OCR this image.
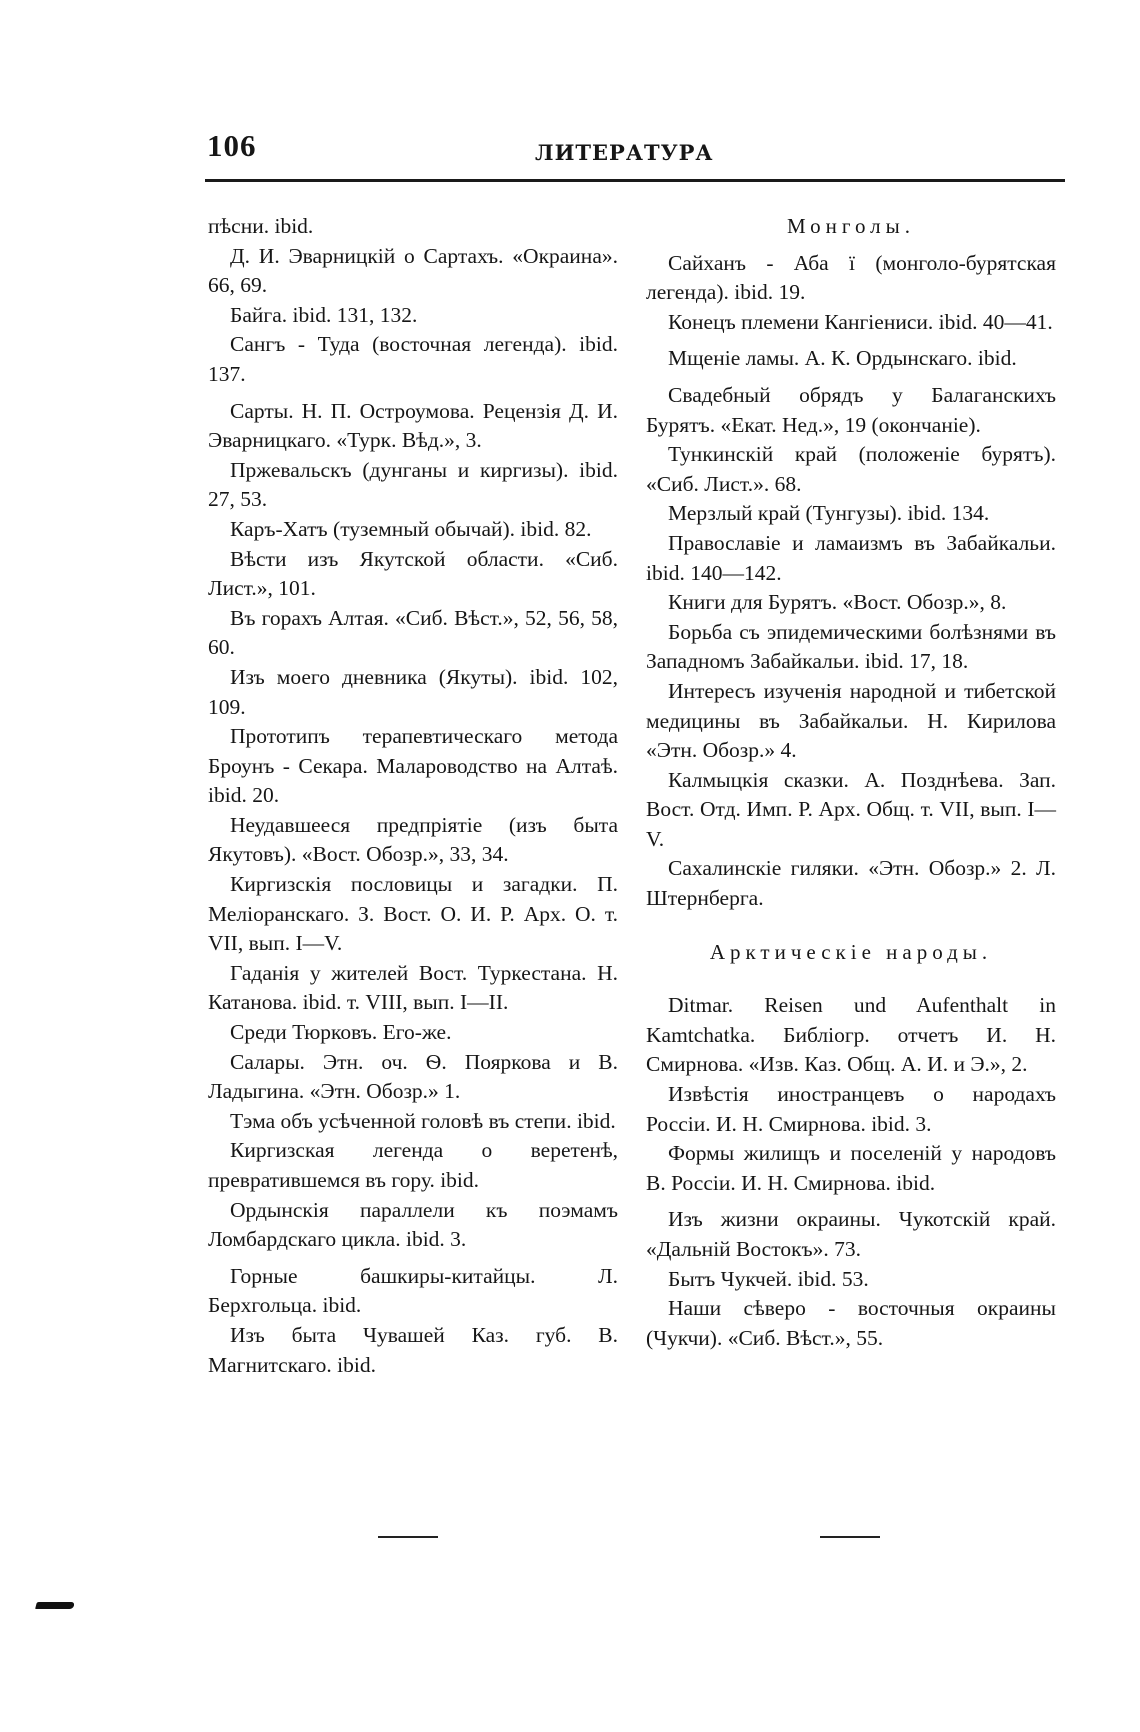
106	ЛИТЕРАТУРА

пѣсни. ibid.

Д. И. Эварницкій о Сартахъ. «Окраина». 66, 69.

Байга. ibid. 131, 132.

Сангъ - Туда (восточная легенда). ibid. 137.

Сарты. Н. П. Остроумова. Рецензія Д. И. Эварницкаго. «Турк. Вѣд.», 3.

Пржевальскъ (дунганы и киргизы). ibid. 27, 53.

Каръ-Хатъ (туземный обычай). ibid. 82.

Вѣсти изъ Якутской области. «Сиб. Лист.», 101.

Въ горахъ Алтая. «Сиб. Вѣст.», 52, 56, 58, 60.

Изъ моего дневника (Якуты). ibid. 102, 109.

Прототипъ терапевтическаго метода Броунъ - Секара. Малароводство на Алтаѣ. ibid. 20.

Неудавшееся предпріятіе (изъ быта Якутовъ). «Вост. Обозр.», 33, 34.

Киргизскія пословицы и загадки. П. Меліоранскаго. З. Вост. О. И. Р. Арх. О. т. VII, вып. I—V.

Гаданія у жителей Вост. Туркестана. Н. Катанова. ibid. т. VIII, вып. I—II.

Среди Тюрковъ. Его-же.

Салары. Этн. оч. Ѳ. Пояркова и В. Ладыгина. «Этн. Обозр.» 1.

Тэма объ усѣченной головѣ въ степи. ibid.

Киргизская легенда о веретенѣ, превратившемся въ гору. ibid.

Ордынскія параллели къ поэмамъ Ломбардскаго цикла. ibid. 3.

Горные башкиры-китайцы. Л. Берхгольца. ibid.

Изъ быта Чувашей Каз. губ. В. Магнитскаго. ibid.

Монголы.

Сайханъ - Аба ї (монголо-бурятская легенда). ibid. 19.

Конецъ племени Кангіениси. ibid. 40—41.

Мщеніе ламы. А. К. Ордынскаго. ibid.

Свадебный обрядъ у Балаганскихъ Бурятъ. «Екат. Нед.», 19 (окончаніе).

Тункинскій край (положеніе бурятъ). «Сиб. Лист.». 68.

Мерзлый край (Тунгузы). ibid. 134.

Православіе и ламаизмъ въ Забайкальи. ibid. 140—142.

Книги для Бурятъ. «Вост. Обозр.», 8.

Борьба съ эпидемическими болѣзнями въ Западномъ Забайкальи. ibid. 17, 18.

Интересъ изученія народной и тибетской медицины въ Забайкальи. Н. Кирилова «Этн. Обозр.» 4.

Калмыцкія сказки. А. Позднѣева. Зап. Вост. Отд. Имп. Р. Арх. Общ. т. VII, вып. I—V.

Сахалинскіе гиляки. «Этн. Обозр.» 2. Л. Штернберга.

Арктическіе народы.

Ditmar. Reisen und Aufenthalt in Kamtchatka. Библіогр. отчетъ И. Н. Смирнова. «Изв. Каз. Общ. А. И. и Э.», 2.

Извѣстія иностранцевъ о народахъ Россіи. И. Н. Смирнова. ibid. 3.

Формы жилищъ и поселеній у народовъ В. Россіи. И. Н. Смирнова. ibid.

Изъ жизни окраины. Чукотскій край. «Дальній Востокъ». 73.

Бытъ Чукчей. ibid. 53.

Наши сѣверо - восточныя окраины (Чукчи). «Сиб. Вѣст.», 55.
